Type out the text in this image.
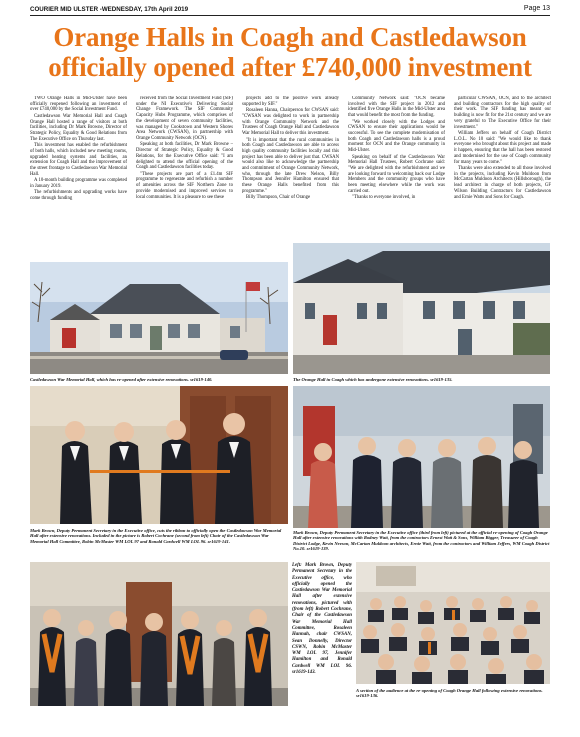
COURIER MID ULSTER -WEDNESDAY, 17th April 2019	Page 13
Orange Halls in Coagh and Castledawson
officially opened after £740,000 investment

TWO Orange Halls in Mid-Ulster have been officially reopened following an investment of over £740,000 by the Social Investment Fund.

Castledawson War Memorial Hall and Coagh Orange Hall hosted a range of visitors at both facilities, including Dr Mark Browne, Director of Strategic Policy, Equality & Good Relations from The Executive Office on Thursday last.

This investment has enabled the refurbishment of both halls, which included new meeting rooms, upgraded heating systems and facilities, an extension for Coagh Hall and the improvement of the street frontage to Castledawson War Memorial Hall.

A 10-month building programme was completed in January 2019.

The refurbishments and upgrading works have come through funding

received from the Social Investment Fund (SIF) under the NI Executive's Delivering Social Change Framework. The SIF Community Capacity Hubs Programme, which comprises of the development of seven community facilities, was managed by Cookstown and Western Shores Area Network (CWSAN), in partnership with Orange Community Network (OCN).

Speaking at both facilities, Dr Mark Browne – Director of Strategic Policy, Equality & Good Relations, for the Executive Office said: "I am delighted to attend the official opening of the Coagh and Castledawson facilities today.

"These projects are part of a £1.4m SIF programme to regenerate and refurbish a number of amenities across the SIF Northern Zone to provide modernised and improved services to local communities. It is a pleasure to see these

projects add to the positive work already supported by SIF."

Rosaleen Hanna, Chairperson for CWSAN said: "CWSAN was delighted to work in partnership with Orange Community Network and the Trustees of Coagh Orange Hall and Castledawson War Memorial Hall to deliver this investment.

"It is important that the rural communities in both Coagh and Castledawson are able to access high quality community facilities locally and this project has been able to deliver just that. CWSAN would also like to acknowledge the partnership and commitment of Orange Community Network, who, through the late Drew Nelson, Billy Thompson and Jennifer Hamilton ensured that these Orange Halls benefited from this programme."

Billy Thompson, Chair of Orange

Community Network said: "OCN became involved with the SIF project in 2012 and identified five Orange Halls in the Mid-Ulster area that would benefit the most from the funding.

"We worked closely with the Lodges and CWSAN to ensure their applications would be successful. To see the complete modernisation of both Coagh and Castledawson halls is a proud moment for OCN and the Orange community in Mid-Ulster.

Speaking on behalf of the Castledawson War Memorial Hall Trustees, Robert Cochrane said: "We are delighted with the refurbishment and we are looking forward to welcoming back our Lodge Members and the community groups who have been meeting elsewhere while the work was carried out.

"Thanks to everyone involved, in

particular CWSAN, OCN, and to the architect and building contractors for the high quality of their work. The SIF funding has meant our building is now fit for the 21st century and we are very grateful to The Executive Office for their investment."

William Jeffers on behalf of Coagh District L.O.L. No 10 said: "We would like to thank everyone who brought about this project and made it happen, ensuring that the hall has been restored and modernised for the use of Coagh community for many years to come."

Thanks were also extended to all those involved in the projects, including Kevin Muldoon from McCartan Muldoon Architects (Hillsborough), the lead architect in charge of both projects, GF Wilson Building Contractors for Castledawson and Ernie Watts and Sons for Coagh.

Castledawson War Memorial Hall, which has re-opened after extensive renovations. sr1619-140.	The Orange Hall in Coagh which has undergone extensive renovations. sr1619-135.
Mark Brown, Deputy Permanent Secretary in the Executive office, cuts the ribbon to officially open the Castledawson War Memorial Hall after extensive renovations. Included in the picture is Robert Cochrane (second from left) Chair of the Castledawson War Memorial Hall Committee, Robin McMaster WM LOL 97 and Ronald Cardwell WM LOL 96. sr1619-141.
Mark Brown, Deputy Permanent Secretary in the Executive office (third from left) pictured at the official re-opening of Coagh Orange Hall after extensive renovations with Rodney Watt, from the contractors Ernest Watt & Sons, William Bigger, Treasurer of Coagh District Lodge, Kevin Neeson, McCartan Muldoon architects, Ernie Watt, from the contractors and William Jeffers, WM Coagh District No.10. sr1619-139.
Left: Mark Brown, Deputy Permanent Secretary in the Executive office, who officially opened the Castledawson War Memorial Hall after extensive renovations, pictured with (from left) Robert Cochrane, Chair of the Castledawson War Memorial Hall Committee, Rosaleen Hannah, chair CWSAN, Sean Donnelly, Director CSWN, Robin McMaster WM LOL 97, Jennifer Hamilton and Ronald Cardwell WM LOL 96. sr1619-143.
A section of the audience at the re-opening of Coagh Orange Hall following extensive renovations. sr1619-136.
